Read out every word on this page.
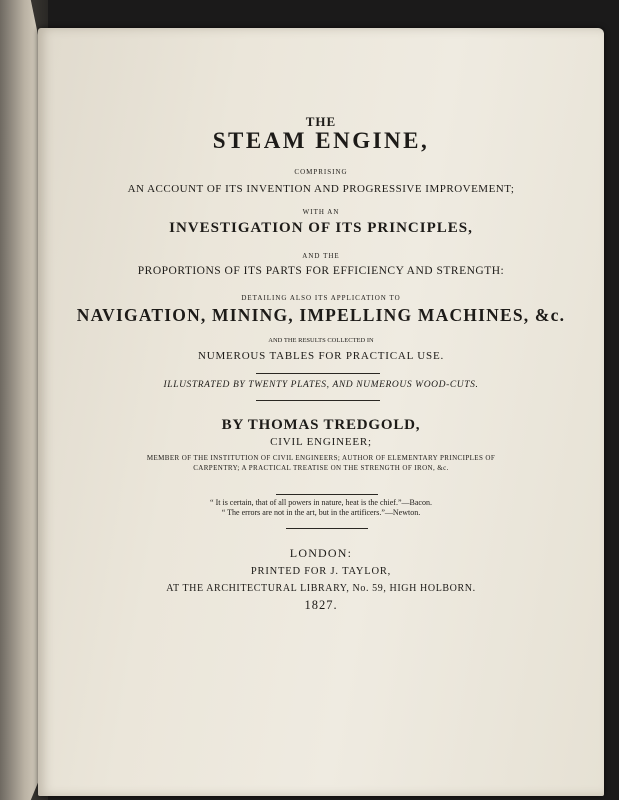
THE
STEAM ENGINE,
COMPRISING
AN ACCOUNT OF ITS INVENTION AND PROGRESSIVE IMPROVEMENT;
WITH AN
INVESTIGATION OF ITS PRINCIPLES,
AND THE
PROPORTIONS OF ITS PARTS FOR EFFICIENCY AND STRENGTH:
DETAILING ALSO ITS APPLICATION TO
NAVIGATION, MINING, IMPELLING MACHINES, &c.
AND THE RESULTS COLLECTED IN
NUMEROUS TABLES FOR PRACTICAL USE.
ILLUSTRATED BY TWENTY PLATES, AND NUMEROUS WOOD-CUTS.
BY THOMAS TREDGOLD,
CIVIL ENGINEER;
MEMBER OF THE INSTITUTION OF CIVIL ENGINEERS; AUTHOR OF ELEMENTARY PRINCIPLES OF
CARPENTRY; A PRACTICAL TREATISE ON THE STRENGTH OF IRON, &c.
“ It is certain, that of all powers in nature, heat is the chief.”—Bacon.
“ The errors are not in the art, but in the artificers.”—Newton.
LONDON:
PRINTED FOR J. TAYLOR,
AT THE ARCHITECTURAL LIBRARY, No. 59, HIGH HOLBORN.
1827.
